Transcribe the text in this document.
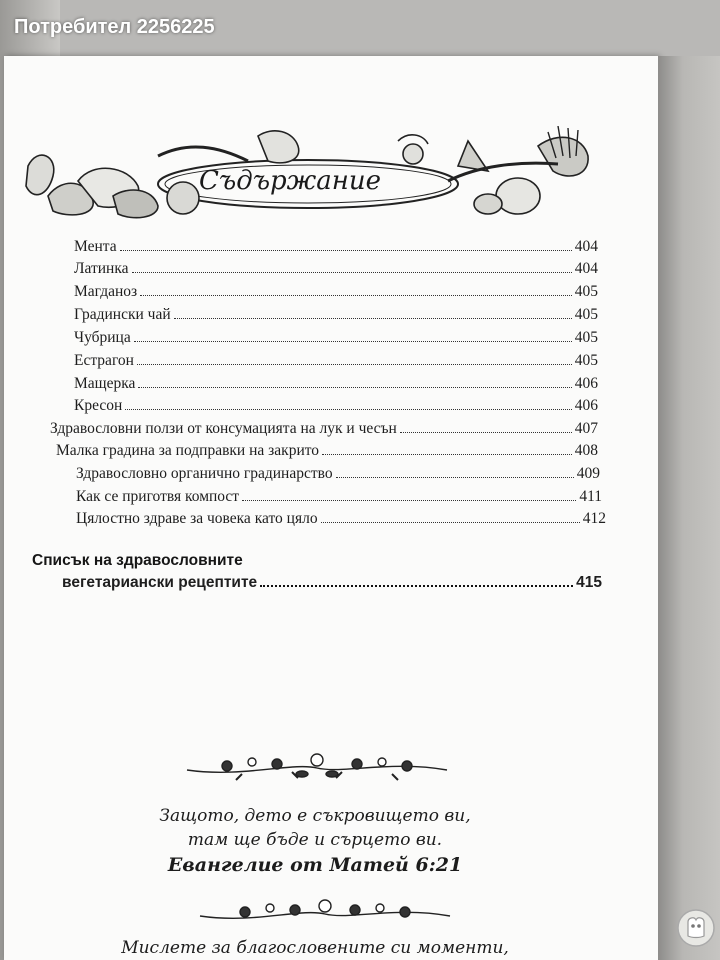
Потребител 2256225
Съдържание
Мента	404
Латинка	404
Магданоз	405
Градински чай	405
Чубрица	405
Естрагон	405
Мащерка	406
Кресон	406
Здравословни ползи от консумацията на лук и чесън	407
Малка градина за подправки на закрито	408
Здравословно органично градинарство	409
Как се приготвя компост	411
Цялостно здраве за човека като цяло	412
Списък на здравословните
вегетариански рецептите	415
Защото, дето е съкровището ви,
там ще бъде и сърцето ви.
Евангелие от Матей 6:21
Мислете за благословените си моменти,
